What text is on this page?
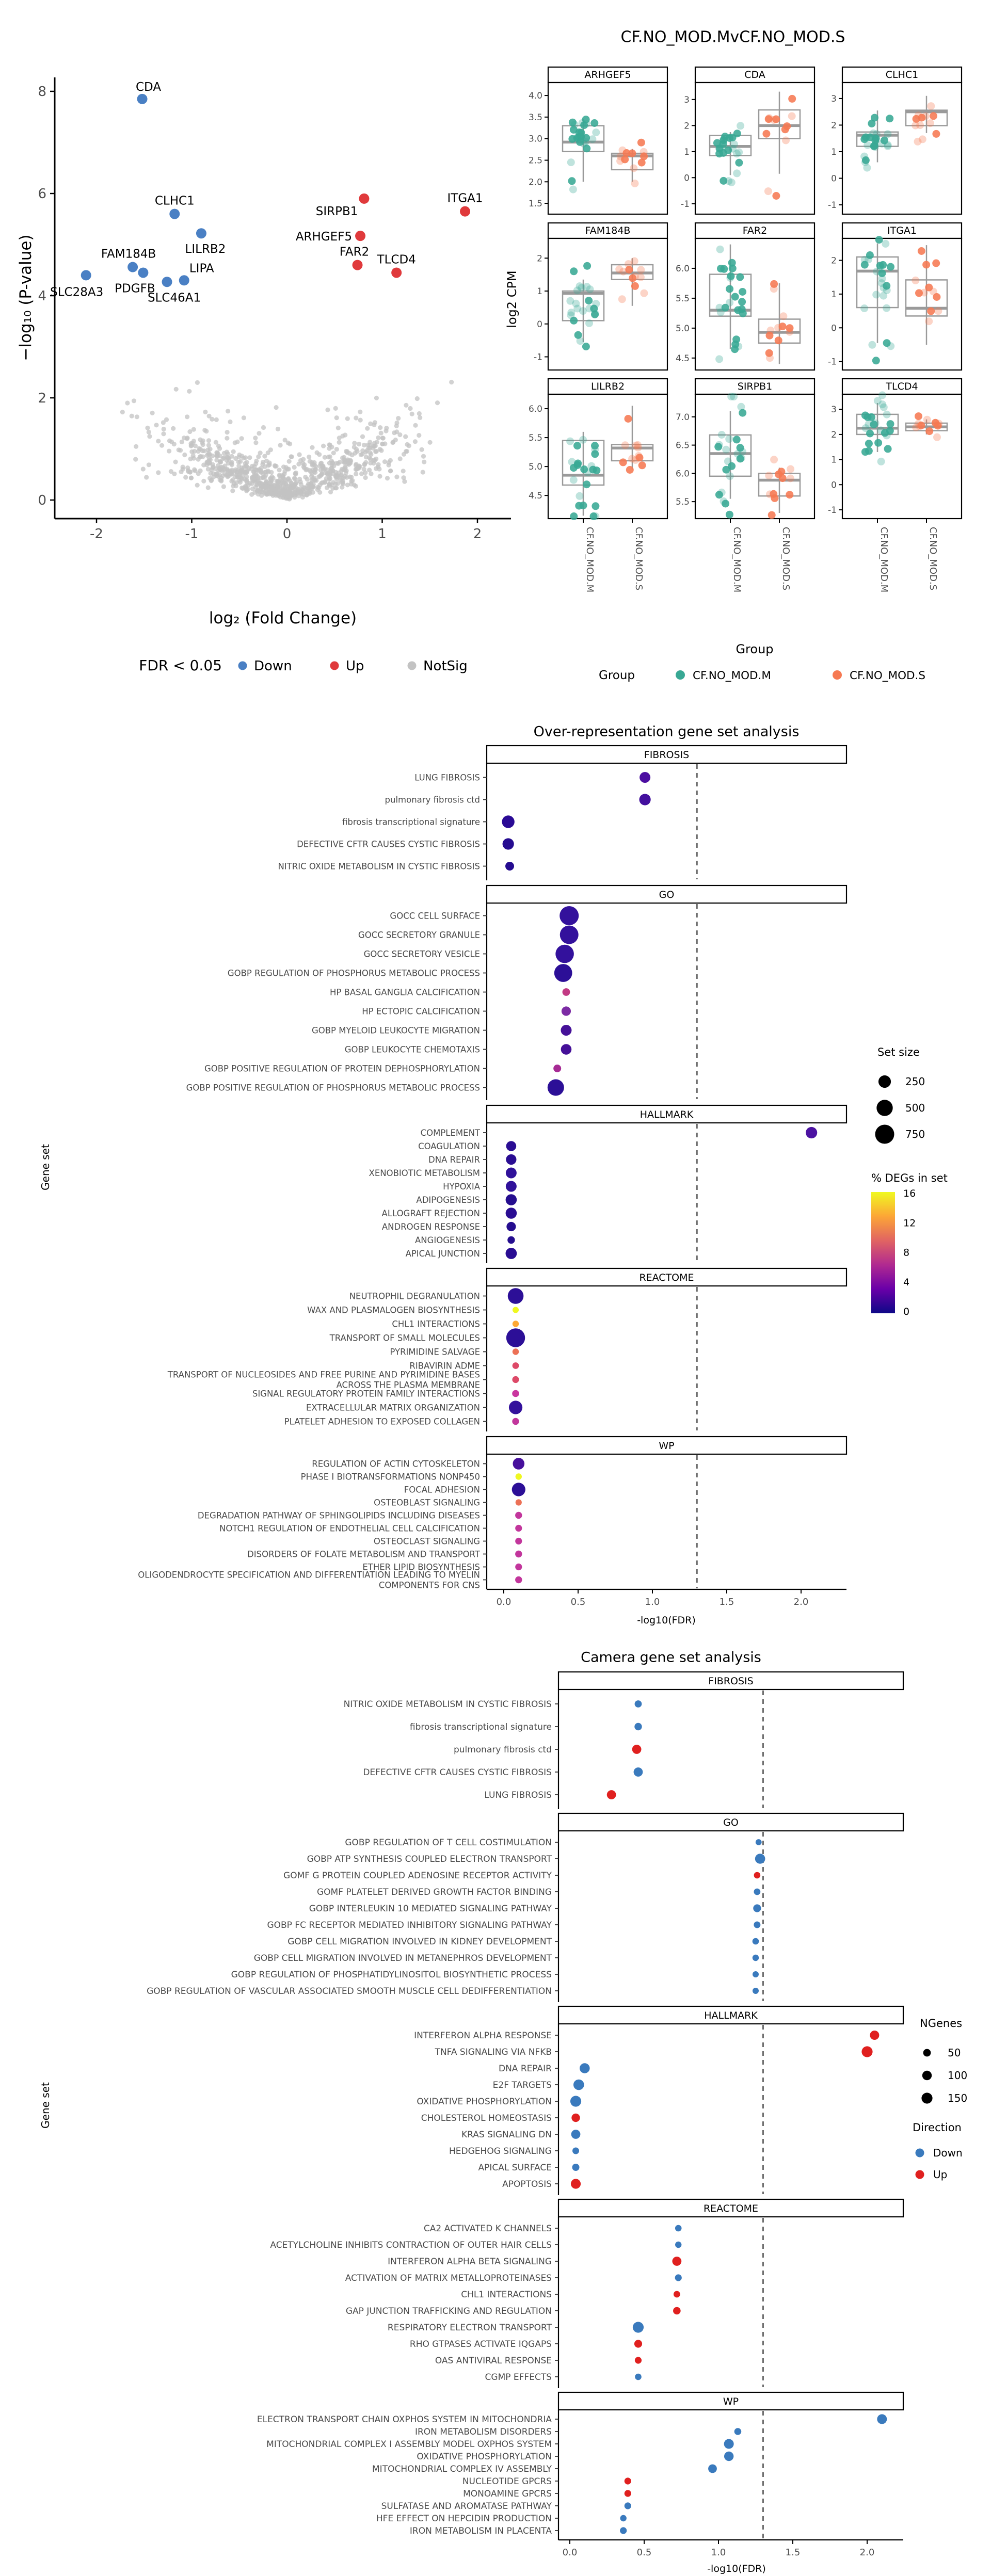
CDA
CLHC1
LILRB2
FAM184B
PDGFB
SLC28A3	SLC46A1
LIPA
SIRPB1
ITGA1
ARHGEF5
FAR2
TLCD4
0
2
4
6
8
-2	-1	0	1	2
FDR < 0.05 Down	Up	NotSig
ARHGEF5
1.5
2.0
2.5
3.0
3.5
4.0
CDA
-1
0
1
2
3
CLHC1
-1
0
1
2
3
FAM184B
-1
0
1
2
FAR2
4.5
5.0
5.5
6.0
ITGA1
-1
0
1
2
LILRB2
4.5
5.0
5.5
6.0
CF.NO_MOD.M	CF.NO_MOD.S
SIRPB1
5.5
6.0
6.5
7.0
CF.NO_MOD.M	CF.NO_MOD.S
TLCD4
-1
0
1
2
3
CF.NO_MOD.M	CF.NO_MOD.S
Group	CF.NO_MOD.M	CF.NO_MOD.S
FIBROSIS
LUNG FIBROSIS
pulmonary fibrosis ctd
fibrosis transcriptional signature
DEFECTIVE CFTR CAUSES CYSTIC FIBROSIS
NITRIC OXIDE METABOLISM IN CYSTIC FIBROSIS
GO
GOCC CELL SURFACE
GOCC SECRETORY GRANULE
GOCC SECRETORY VESICLE
GOBP REGULATION OF PHOSPHORUS METABOLIC PROCESS
HP BASAL GANGLIA CALCIFICATION
HP ECTOPIC CALCIFICATION
GOBP MYELOID LEUKOCYTE MIGRATION
GOBP LEUKOCYTE CHEMOTAXIS
GOBP POSITIVE REGULATION OF PROTEIN DEPHOSPHORYLATION
GOBP POSITIVE REGULATION OF PHOSPHORUS METABOLIC PROCESS
HALLMARK
COMPLEMENT
COAGULATION
DNA REPAIR
XENOBIOTIC METABOLISM
HYPOXIA
ADIPOGENESIS
ALLOGRAFT REJECTION
ANDROGEN RESPONSE
ANGIOGENESIS
APICAL JUNCTION
REACTOME
NEUTROPHIL DEGRANULATION
WAX AND PLASMALOGEN BIOSYNTHESIS
CHL1 INTERACTIONS
TRANSPORT OF SMALL MOLECULES
PYRIMIDINE SALVAGE
RIBAVIRIN ADME
TRANSPORT OF NUCLEOSIDES AND FREE PURINE AND PYRIMIDINE BASES
ACROSS THE PLASMA MEMBRANE
SIGNAL REGULATORY PROTEIN FAMILY INTERACTIONS
EXTRACELLULAR MATRIX ORGANIZATION
PLATELET ADHESION TO EXPOSED COLLAGEN
WP
REGULATION OF ACTIN CYTOSKELETON
PHASE I BIOTRANSFORMATIONS NONP450
FOCAL ADHESION
OSTEOBLAST SIGNALING
DEGRADATION PATHWAY OF SPHINGOLIPIDS INCLUDING DISEASES
NOTCH1 REGULATION OF ENDOTHELIAL CELL CALCIFICATION
OSTEOCLAST SIGNALING
DISORDERS OF FOLATE METABOLISM AND TRANSPORT
ETHER LIPID BIOSYNTHESIS
OLIGODENDROCYTE SPECIFICATION AND DIFFERENTIATION LEADING TO MYELIN
COMPONENTS FOR CNS
0.0	0.5	1.0	1.5	2.0
Set size
250
500
750
% DEGs in set
16
12
8
4
0
FIBROSIS
NITRIC OXIDE METABOLISM IN CYSTIC FIBROSIS
fibrosis transcriptional signature
pulmonary fibrosis ctd
DEFECTIVE CFTR CAUSES CYSTIC FIBROSIS
LUNG FIBROSIS
GO
GOBP REGULATION OF T CELL COSTIMULATION
GOBP ATP SYNTHESIS COUPLED ELECTRON TRANSPORT
GOMF G PROTEIN COUPLED ADENOSINE RECEPTOR ACTIVITY
GOMF PLATELET DERIVED GROWTH FACTOR BINDING
GOBP INTERLEUKIN 10 MEDIATED SIGNALING PATHWAY
GOBP FC RECEPTOR MEDIATED INHIBITORY SIGNALING PATHWAY
GOBP CELL MIGRATION INVOLVED IN KIDNEY DEVELOPMENT
GOBP CELL MIGRATION INVOLVED IN METANEPHROS DEVELOPMENT
GOBP REGULATION OF PHOSPHATIDYLINOSITOL BIOSYNTHETIC PROCESS
GOBP REGULATION OF VASCULAR ASSOCIATED SMOOTH MUSCLE CELL DEDIFFERENTIATION
HALLMARK
INTERFERON ALPHA RESPONSE
TNFA SIGNALING VIA NFKB
DNA REPAIR
E2F TARGETS
OXIDATIVE PHOSPHORYLATION
CHOLESTEROL HOMEOSTASIS
KRAS SIGNALING DN
HEDGEHOG SIGNALING
APICAL SURFACE
APOPTOSIS
REACTOME
CA2 ACTIVATED K CHANNELS
ACETYLCHOLINE INHIBITS CONTRACTION OF OUTER HAIR CELLS
INTERFERON ALPHA BETA SIGNALING
ACTIVATION OF MATRIX METALLOPROTEINASES
CHL1 INTERACTIONS
GAP JUNCTION TRAFFICKING AND REGULATION
RESPIRATORY ELECTRON TRANSPORT
RHO GTPASES ACTIVATE IQGAPS
OAS ANTIVIRAL RESPONSE
CGMP EFFECTS
WP
ELECTRON TRANSPORT CHAIN OXPHOS SYSTEM IN MITOCHONDRIA
IRON METABOLISM DISORDERS
MITOCHONDRIAL COMPLEX I ASSEMBLY MODEL OXPHOS SYSTEM
OXIDATIVE PHOSPHORYLATION
MITOCHONDRIAL COMPLEX IV ASSEMBLY
NUCLEOTIDE GPCRS
MONOAMINE GPCRS
SULFATASE AND AROMATASE PATHWAY
HFE EFFECT ON HEPCIDIN PRODUCTION
IRON METABOLISM IN PLACENTA
0.0	0.5	1.0	1.5	2.0
NGenes
50
100
150
Direction
Down
Up
CF.NO_MOD.MvCF.NO_MOD.S
log₂ (Fold Change)
−log₁₀ (P-value)	log2 CPM
Group
Over-representation gene set analysis
Gene set
-log10(FDR)
Camera gene set analysis
Gene set
-log10(FDR)
